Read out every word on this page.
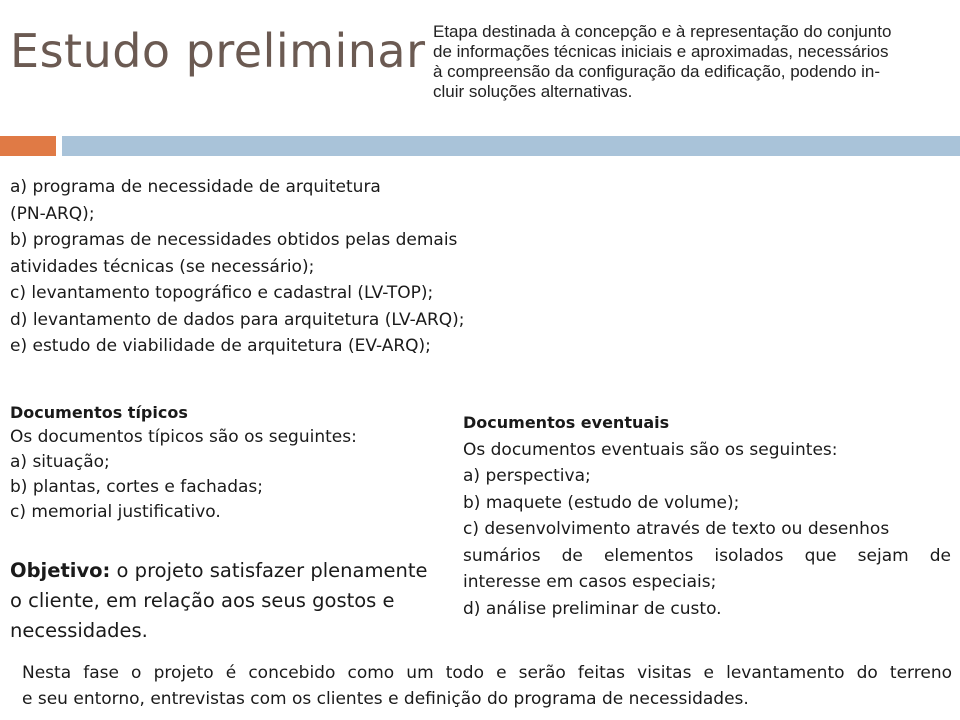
Estudo preliminar Etapa destinada à concepção e à representação do conjunto
de informações técnicas iniciais e aproximadas, necessários
à compreensão da configuração da edificação, podendo in-
cluir soluções alternativas.
a) programa de necessidade de arquitetura
(PN-ARQ);
b) programas de necessidades obtidos pelas demais
atividades técnicas (se necessário);
c) levantamento topográfico e cadastral (LV-TOP);
d) levantamento de dados para arquitetura (LV-ARQ);
e) estudo de viabilidade de arquitetura (EV-ARQ);
Documentos típicos
Os documentos típicos são os seguintes:
a) situação;
b) plantas, cortes e fachadas;
c) memorial justificativo.
Documentos eventuais
Os documentos eventuais são os seguintes:
a) perspectiva;
b) maquete (estudo de volume);
c) desenvolvimento através de texto ou desenhos
sumários de elementos isolados que sejam de
interesse em casos especiais;
d) análise preliminar de custo.
Objetivo: o projeto satisfazer plenamente o cliente, em relação aos seus gostos e necessidades.
Nesta fase o projeto é concebido como um todo e serão feitas visitas e levantamento do terreno
e seu entorno, entrevistas com os clientes e definição do programa de necessidades.
